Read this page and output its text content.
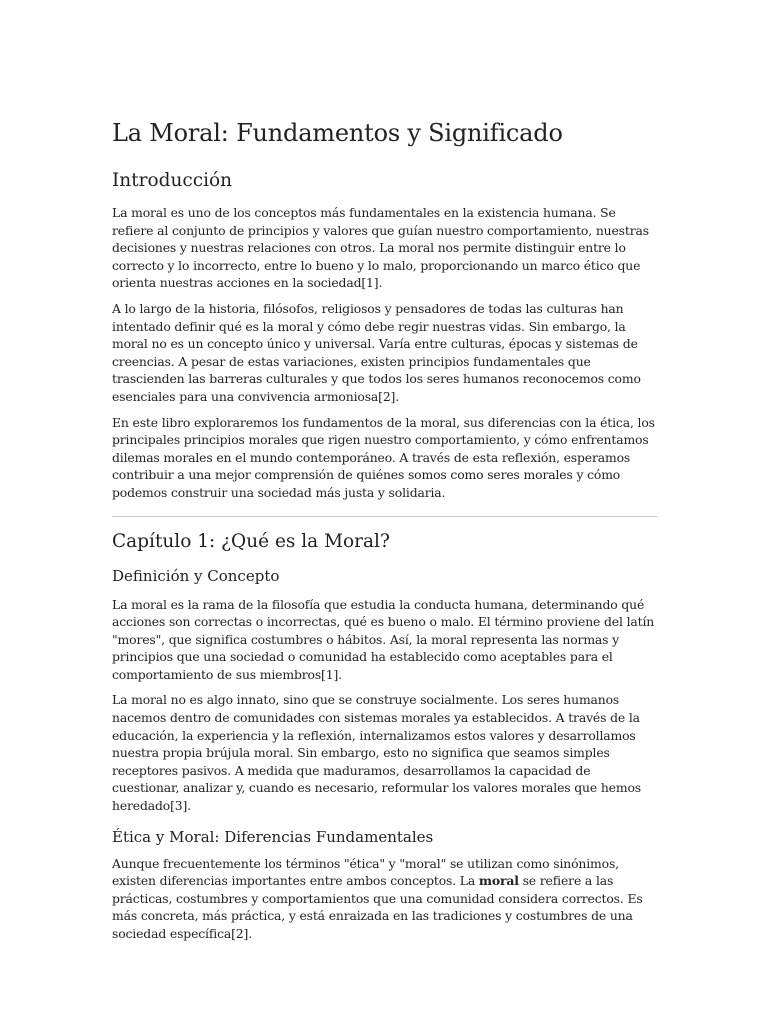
La Moral: Fundamentos y Significado
Introducción

La moral es uno de los conceptos más fundamentales en la existencia humana. Se refiere al conjunto de principios y valores que guían nuestro comportamiento, nuestras decisiones y nuestras relaciones con otros. La moral nos permite distinguir entre lo correcto y lo incorrecto, entre lo bueno y lo malo, proporcionando un marco ético que orienta nuestras acciones en la sociedad[1].

A lo largo de la historia, filósofos, religiosos y pensadores de todas las culturas han intentado definir qué es la moral y cómo debe regir nuestras vidas. Sin embargo, la moral no es un concepto único y universal. Varía entre culturas, épocas y sistemas de creencias. A pesar de estas variaciones, existen principios fundamentales que trascienden las barreras culturales y que todos los seres humanos reconocemos como esenciales para una convivencia armoniosa[2].

En este libro exploraremos los fundamentos de la moral, sus diferencias con la ética, los principales principios morales que rigen nuestro comportamiento, y cómo enfrentamos dilemas morales en el mundo contemporáneo. A través de esta reflexión, esperamos contribuir a una mejor comprensión de quiénes somos como seres morales y cómo podemos construir una sociedad más justa y solidaria.

Capítulo 1: ¿Qué es la Moral?
Definición y Concepto

La moral es la rama de la filosofía que estudia la conducta humana, determinando qué acciones son correctas o incorrectas, qué es bueno o malo. El término proviene del latín "mores", que significa costumbres o hábitos. Así, la moral representa las normas y principios que una sociedad o comunidad ha establecido como aceptables para el comportamiento de sus miembros[1].

La moral no es algo innato, sino que se construye socialmente. Los seres humanos nacemos dentro de comunidades con sistemas morales ya establecidos. A través de la educación, la experiencia y la reflexión, internalizamos estos valores y desarrollamos nuestra propia brújula moral. Sin embargo, esto no significa que seamos simples receptores pasivos. A medida que maduramos, desarrollamos la capacidad de cuestionar, analizar y, cuando es necesario, reformular los valores morales que hemos heredado[3].

Ética y Moral: Diferencias Fundamentales

Aunque frecuentemente los términos "ética" y "moral" se utilizan como sinónimos, existen diferencias importantes entre ambos conceptos. La moral se refiere a las prácticas, costumbres y comportamientos que una comunidad considera correctos. Es más concreta, más práctica, y está enraizada en las tradiciones y costumbres de una sociedad específica[2].
